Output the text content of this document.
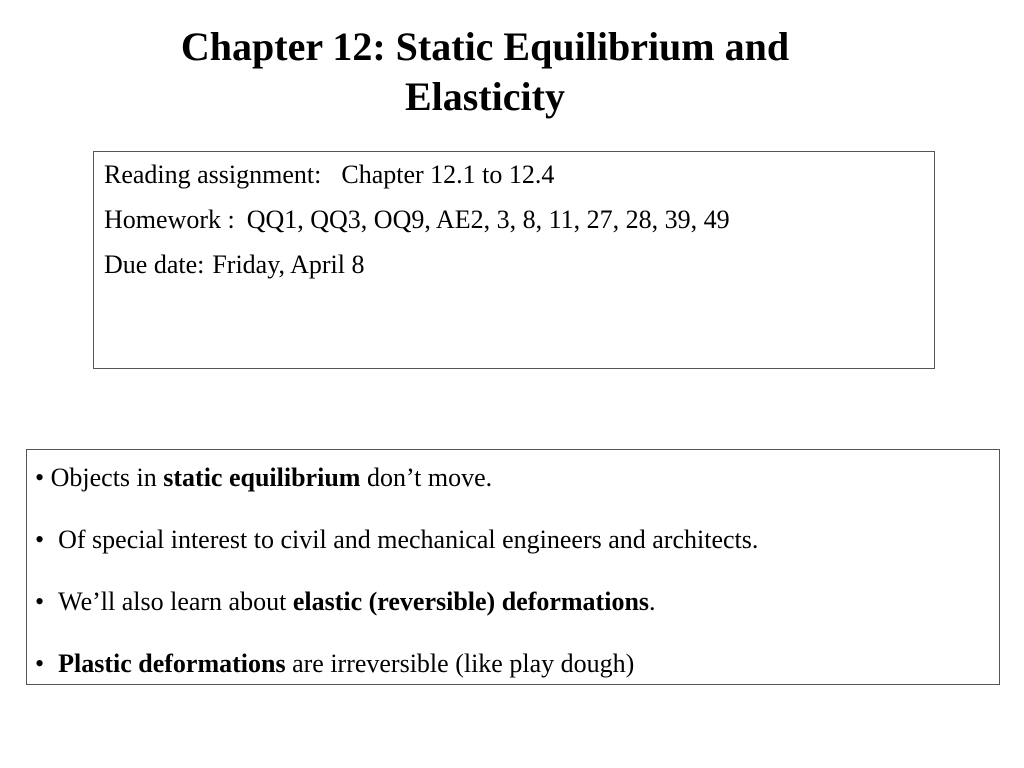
Chapter 12: Static Equilibrium and
Elasticity

Reading assignment: Chapter 12.1 to 12.4

Homework : QQ1, QQ3, OQ9, AE2, 3, 8, 11, 27, 28, 39, 49

Due date: Friday, April 8

• Objects in static equilibrium don’t move.

• Of special interest to civil and mechanical engineers and architects.

• We’ll also learn about elastic (reversible) deformations.

• Plastic deformations are irreversible (like play dough)
